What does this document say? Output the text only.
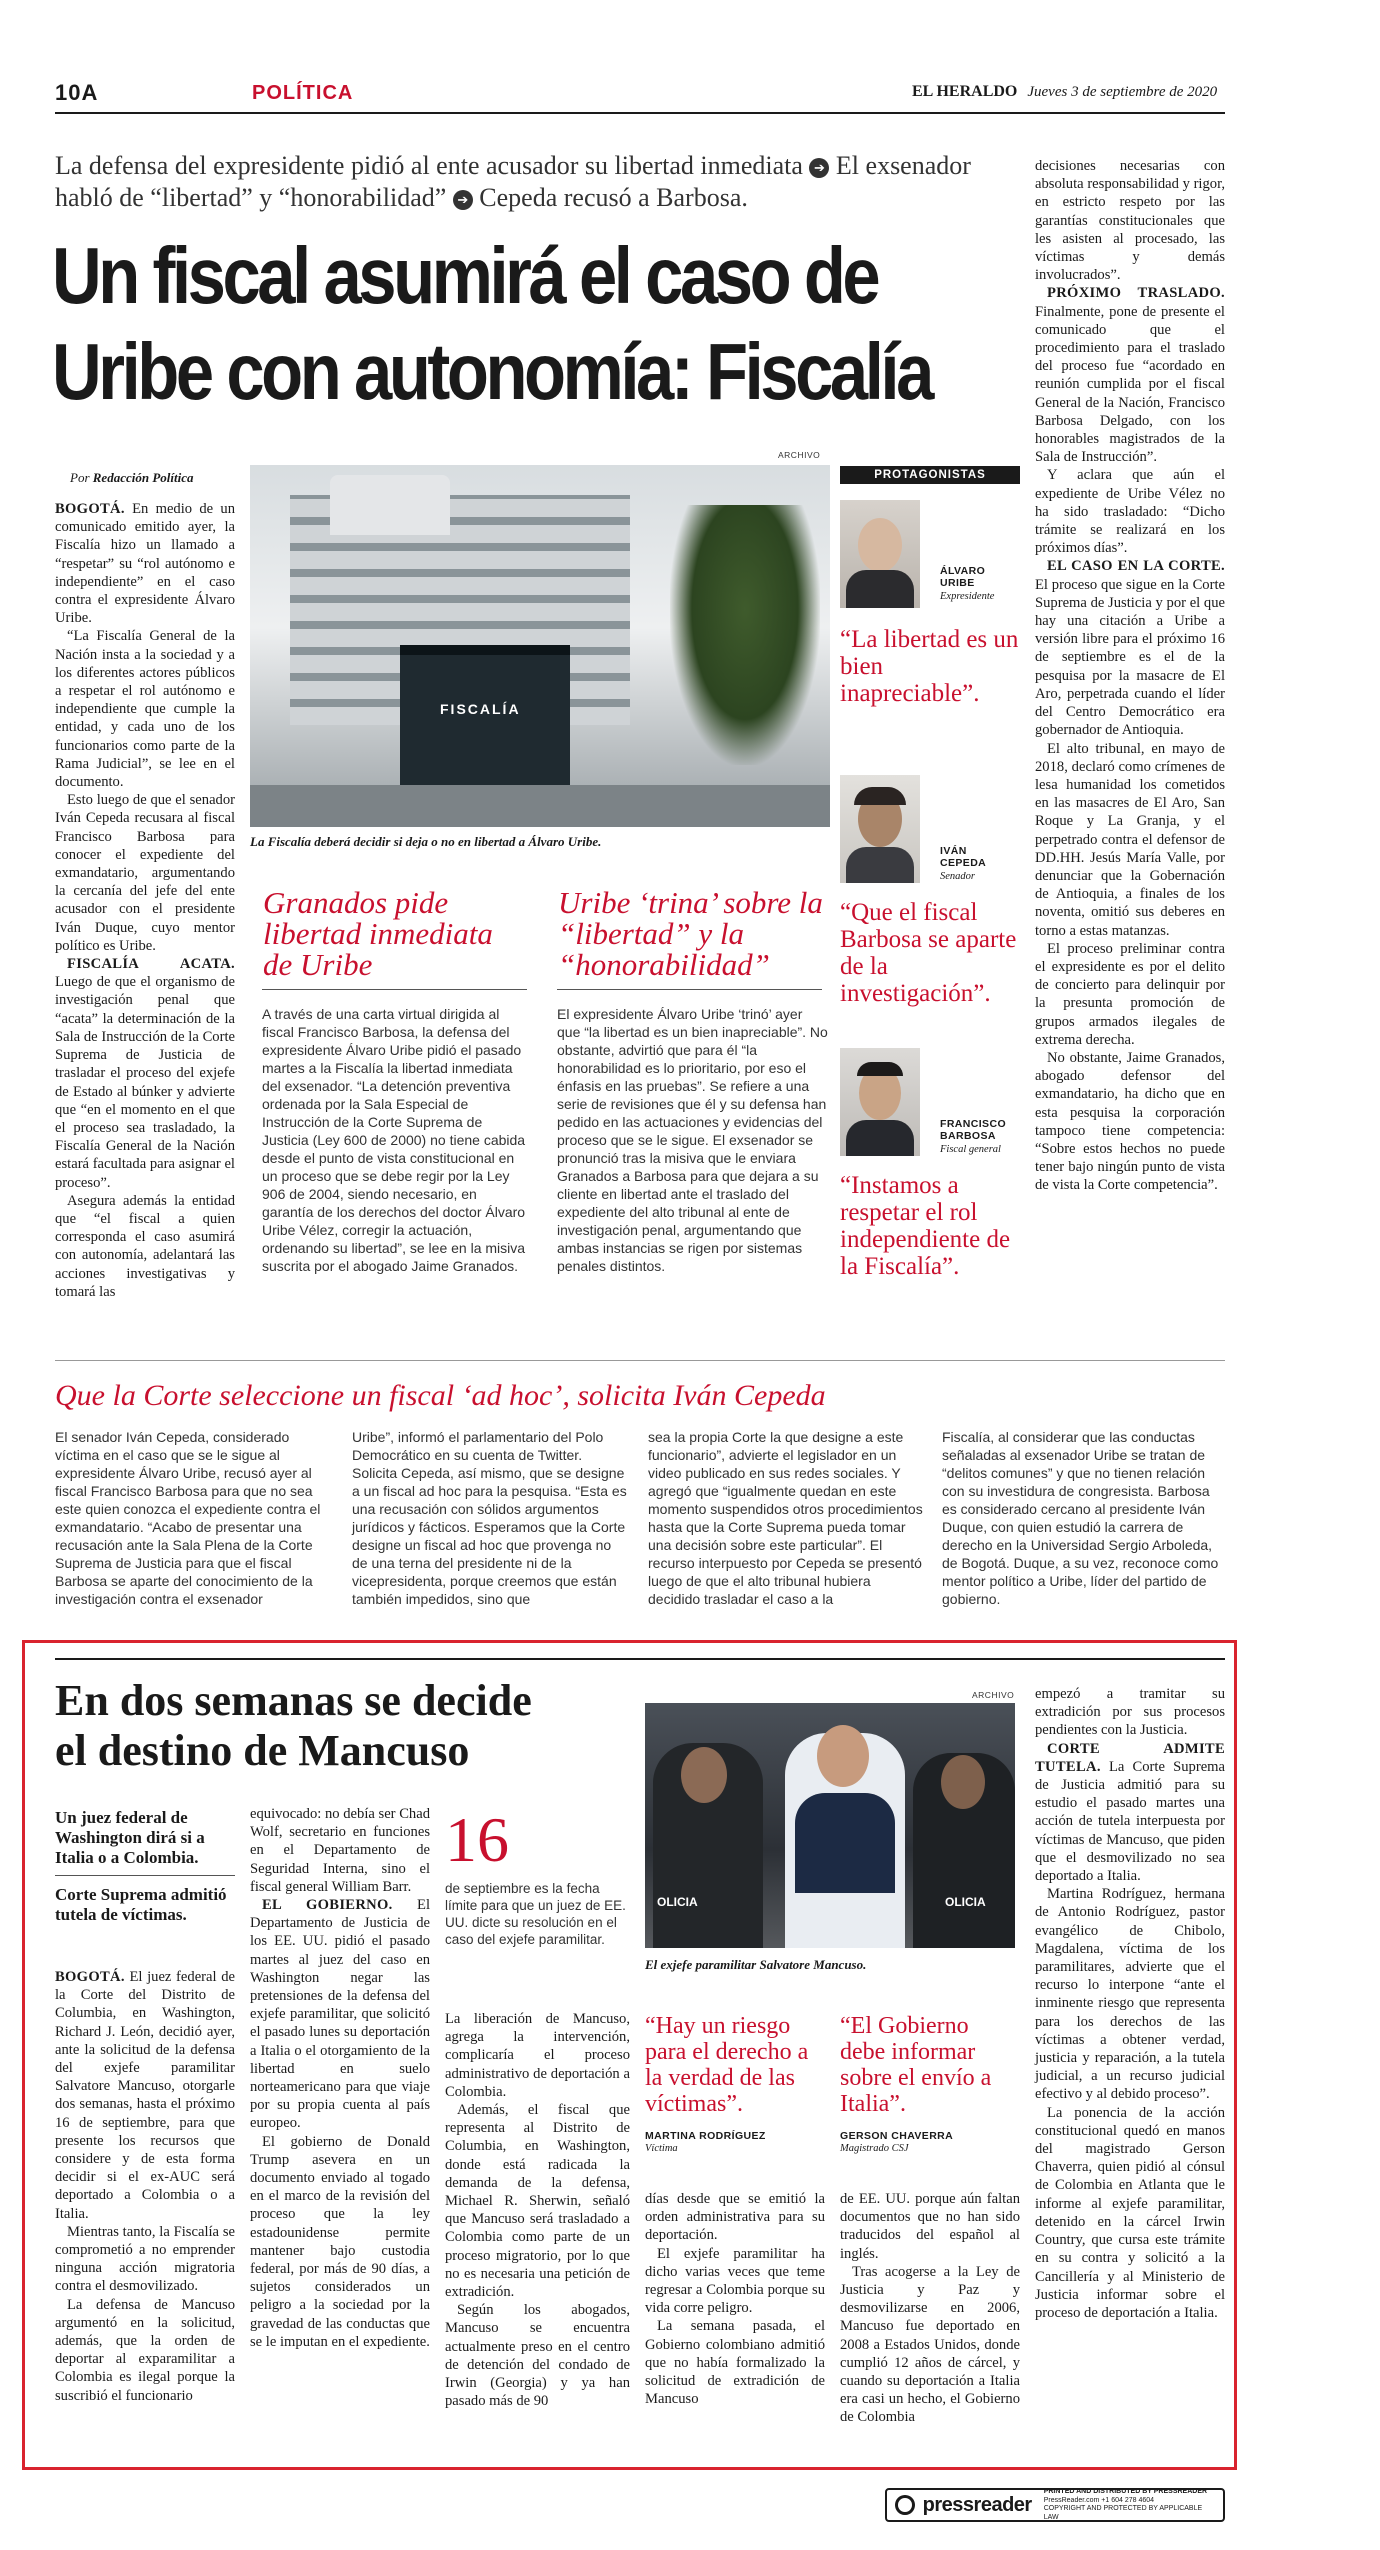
10A	POLÍTICA	EL HERALDO Jueves 3 de septiembre de 2020
La defensa del expresidente pidió al ente acusador su libertad inmediata ➔ El exsenador habló de “libertad” y “honorabilidad” ➔ Cepeda recusó a Barbosa.
Un fiscal asumirá el caso de
Uribe con autonomía: Fiscalía

decisiones necesarias con absoluta responsabilidad y rigor, en estricto respeto por las garantías constitucionales que les asisten al procesado, las víctimas y demás involucrados”.

PRÓXIMO TRASLADO. Finalmente, pone de presente el comunicado que el procedimiento para el traslado del proceso fue “acordado en reunión cumplida por el fiscal General de la Nación, Francisco Barbosa Delgado, con los honorables magistrados de la Sala de Instrucción”.

Y aclara que aún el expediente de Uribe Vélez no ha sido trasladado: “Dicho trámite se realizará en los próximos días”.

EL CASO EN LA CORTE. El proceso que sigue en la Corte Suprema de Justicia y por el que hay una citación a Uribe a versión libre para el próximo 16 de septiembre es el de la pesquisa por la masacre de El Aro, perpetrada cuando el líder del Centro Democrático era gobernador de Antioquia.

El alto tribunal, en mayo de 2018, declaró como crímenes de lesa humanidad los cometidos en las masacres de El Aro, San Roque y La Granja, y el perpetrado contra el defensor de DD.HH. Jesús María Valle, por denunciar que la Gobernación de Antioquia, a finales de los noventa, omitió sus deberes en torno a estas matanzas.

El proceso preliminar contra el expresidente es por el delito de concierto para delinquir por la presunta promoción de grupos armados ilegales de extrema derecha.

No obstante, Jaime Granados, abogado defensor del exmandatario, ha dicho que en esta pesquisa la corporación tampoco tiene competencia: “Sobre estos hechos no puede tener bajo ningún punto de vista de vista la Corte competencia”.

Por Redacción Política

BOGOTÁ. En medio de un comunicado emitido ayer, la Fiscalía hizo un llamado a “respetar” su “rol autónomo e independiente” en el caso contra el expresidente Álvaro Uribe.

“La Fiscalía General de la Nación insta a la sociedad y a los diferentes actores públicos a respetar el rol autónomo e independiente que cumple la entidad, y cada uno de los funcionarios como parte de la Rama Judicial”, se lee en el documento.

Esto luego de que el senador Iván Cepeda recusara al fiscal Francisco Barbosa para conocer el expediente del exmandatario, argumentando la cercanía del jefe del ente acusador con el presidente Iván Duque, cuyo mentor político es Uribe.

FISCALÍA ACATA. Luego de que el organismo de investigación penal que “acata” la determinación de la Sala de Instrucción de la Corte Suprema de Justicia de trasladar el proceso del exjefe de Estado al búnker y advierte que “en el momento en el que el proceso sea trasladado, la Fiscalía General de la Nación estará facultada para asignar el proceso”.

Asegura además la entidad que “el fiscal a quien corresponda el caso asumirá con autonomía, adelantará las acciones investigativas y tomará las

ARCHIVO
FISCALÍA
La Fiscalía deberá decidir si deja o no en libertad a Álvaro Uribe.
Granados pide libertad inmediata de Uribe
A través de una carta virtual dirigida al fiscal Francisco Barbosa, la defensa del expresidente Álvaro Uribe pidió el pasado martes a la Fiscalía la libertad inmediata del exsenador. “La detención preventiva ordenada por la Sala Especial de Instrucción de la Corte Suprema de Justicia (Ley 600 de 2000) no tiene cabida desde el punto de vista constitucional en un proceso que se debe regir por la Ley 906 de 2004, siendo necesario, en garantía de los derechos del doctor Álvaro Uribe Vélez, corregir la actuación, ordenando su libertad”, se lee en la misiva suscrita por el abogado Jaime Granados.
Uribe ‘trina’ sobre la “libertad” y la “honorabilidad”
El expresidente Álvaro Uribe ‘trinó’ ayer que “la libertad es un bien inapreciable”. No obstante, advirtió que para él “la honorabilidad es lo prioritario, por eso el énfasis en las pruebas”. Se refiere a una serie de revisiones que él y su defensa han pedido en las actuaciones y evidencias del proceso que se le sigue. El exsenador se pronunció tras la misiva que le enviara Granados a Barbosa para que dejara a su cliente en libertad ante el traslado del expediente del alto tribunal al ente de investigación penal, argumentando que ambas instancias se rigen por sistemas penales distintos.
PROTAGONISTAS
ÁLVARO
URIBE
Expresidente
“La libertad es un bien inapreciable”.
IVÁN
CEPEDA
Senador
“Que el fiscal Barbosa se aparte de la investigación”.
FRANCISCO
BARBOSA
Fiscal general
“Instamos a respetar el rol independiente de la Fiscalía”.
Que la Corte seleccione un fiscal ‘ad hoc’, solicita Iván Cepeda
El senador Iván Cepeda, considerado víctima en el caso que se le sigue al expresidente Álvaro Uribe, recusó ayer al fiscal Francisco Barbosa para que no sea este quien conozca el expediente contra el exmandatario. “Acabo de presentar una recusación ante la Sala Plena de la Corte Suprema de Justicia para que el fiscal Barbosa se aparte del conocimiento de la investigación contra el exsenador
Uribe”, informó el parlamentario del Polo Democrático en su cuenta de Twitter. Solicita Cepeda, así mismo, que se designe a un fiscal ad hoc para la pesquisa. “Esta es una recusación con sólidos argumentos jurídicos y fácticos. Esperamos que la Corte designe un fiscal ad hoc que provenga no de una terna del presidente ni de la vicepresidenta, porque creemos que están también impedidos, sino que
sea la propia Corte la que designe a este funcionario”, advierte el legislador en un video publicado en sus redes sociales. Y agregó que “igualmente quedan en este momento suspendidos otros procedimientos hasta que la Corte Suprema pueda tomar una decisión sobre este particular”. El recurso interpuesto por Cepeda se presentó luego de que el alto tribunal hubiera decidido trasladar el caso a la
Fiscalía, al considerar que las conductas señaladas al exsenador Uribe se tratan de “delitos comunes” y que no tienen relación con su investidura de congresista. Barbosa es considerado cercano al presidente Iván Duque, con quien estudió la carrera de derecho en la Universidad Sergio Arboleda, de Bogotá. Duque, a su vez, reconoce como mentor político a Uribe, líder del partido de gobierno.
En dos semanas se decide
el destino de Mancuso
Un juez federal de Washington dirá si a Italia o a Colombia.
Corte Suprema admitió tutela de víctimas.

BOGOTÁ. El juez federal de la Corte del Distrito de Columbia, en Washington, Richard J. León, decidió ayer, ante la solicitud de la defensa del exjefe paramilitar Salvatore Mancuso, otorgarle dos semanas, hasta el próximo 16 de septiembre, para que presente los recursos que considere y de esta forma decidir si el ex-AUC será deportado a Colombia o a Italia.

Mientras tanto, la Fiscalía se comprometió a no emprender ninguna acción migratoria contra el desmovilizado.

La defensa de Mancuso argumentó en la solicitud, además, que la orden de deportar al exparamilitar a Colombia es ilegal porque la suscribió el funcionario

equivocado: no debía ser Chad Wolf, secretario en funciones en el Departamento de Seguridad Interna, sino el fiscal general William Barr.

EL GOBIERNO. El Departamento de Justicia de los EE. UU. pidió el pasado martes al juez del caso en Washington negar las pretensiones de la defensa del exjefe paramilitar, que solicitó el pasado lunes su deportación a Italia o el otorgamiento de la libertad en suelo norteamericano para que viaje por su propia cuenta al país europeo.

El gobierno de Donald Trump asevera en un documento enviado al togado en el marco de la revisión del proceso que la ley estadounidense permite mantener bajo custodia federal, por más de 90 días, a sujetos considerados un peligro a la sociedad por la gravedad de las conductas que se le imputan en el expediente.

16
de septiembre es la fecha límite para que un juez de EE. UU. dicte su resolución en el caso del exjefe paramilitar.

La liberación de Mancuso, agrega la intervención, complicaría el proceso administrativo de deportación a Colombia.

Además, el fiscal que representa al Distrito de Columbia, en Washington, donde está radicada la demanda de la defensa, Michael R. Sherwin, señaló que Mancuso será trasladado a Colombia como parte de un proceso migratorio, por lo que no es necesaria una petición de extradición.

Según los abogados, Mancuso se encuentra actualmente preso en el centro de detención del condado de Irwin (Georgia) y ya han pasado más de 90

ARCHIVO
OLICIA	OLICIA
El exjefe paramilitar Salvatore Mancuso.
“Hay un riesgo para el derecho a la verdad de las víctimas”.
MARTINA RODRÍGUEZ
Víctima
“El Gobierno debe informar sobre el envío a Italia”.
GERSON CHAVERRA
Magistrado CSJ

días desde que se emitió la orden administrativa para su deportación.

El exjefe paramilitar ha dicho varias veces que teme regresar a Colombia porque su vida corre peligro.

La semana pasada, el Gobierno colombiano admitió que no había formalizado la solicitud de extradición de Mancuso

de EE. UU. porque aún faltan documentos que no han sido traducidos del español al inglés.

Tras acogerse a la Ley de Justicia y Paz y desmovilizarse en 2006, Mancuso fue deportado en 2008 a Estados Unidos, donde cumplió 12 años de cárcel, y cuando su deportación a Italia era casi un hecho, el Gobierno de Colombia

empezó a tramitar su extradición por sus procesos pendientes con la Justicia.

CORTE ADMITE TUTELA. La Corte Suprema de Justicia admitió para su estudio el pasado martes una acción de tutela interpuesta por víctimas de Mancuso, que piden que el desmovilizado no sea deportado a Italia.

Martina Rodríguez, hermana de Antonio Rodríguez, pastor evangélico de Chibolo, Magdalena, víctima de los paramilitares, advierte que el recurso lo interpone “ante el inminente riesgo que representa para los derechos de las víctimas a obtener verdad, justicia y reparación, a la tutela judicial, a un recurso judicial efectivo y al debido proceso”.

La ponencia de la acción constitucional quedó en manos del magistrado Gerson Chaverra, quien pidió al cónsul de Colombia en Atlanta que le informe al exjefe paramilitar, detenido en la cárcel Irwin Country, que cursa este trámite en su contra y solicitó a la Cancillería y al Ministerio de Justicia informar sobre el proceso de deportación a Italia.

pressreader
PRINTED AND DISTRIBUTED BY PRESSREADER
PressReader.com +1 604 278 4604
COPYRIGHT AND PROTECTED BY APPLICABLE LAW
